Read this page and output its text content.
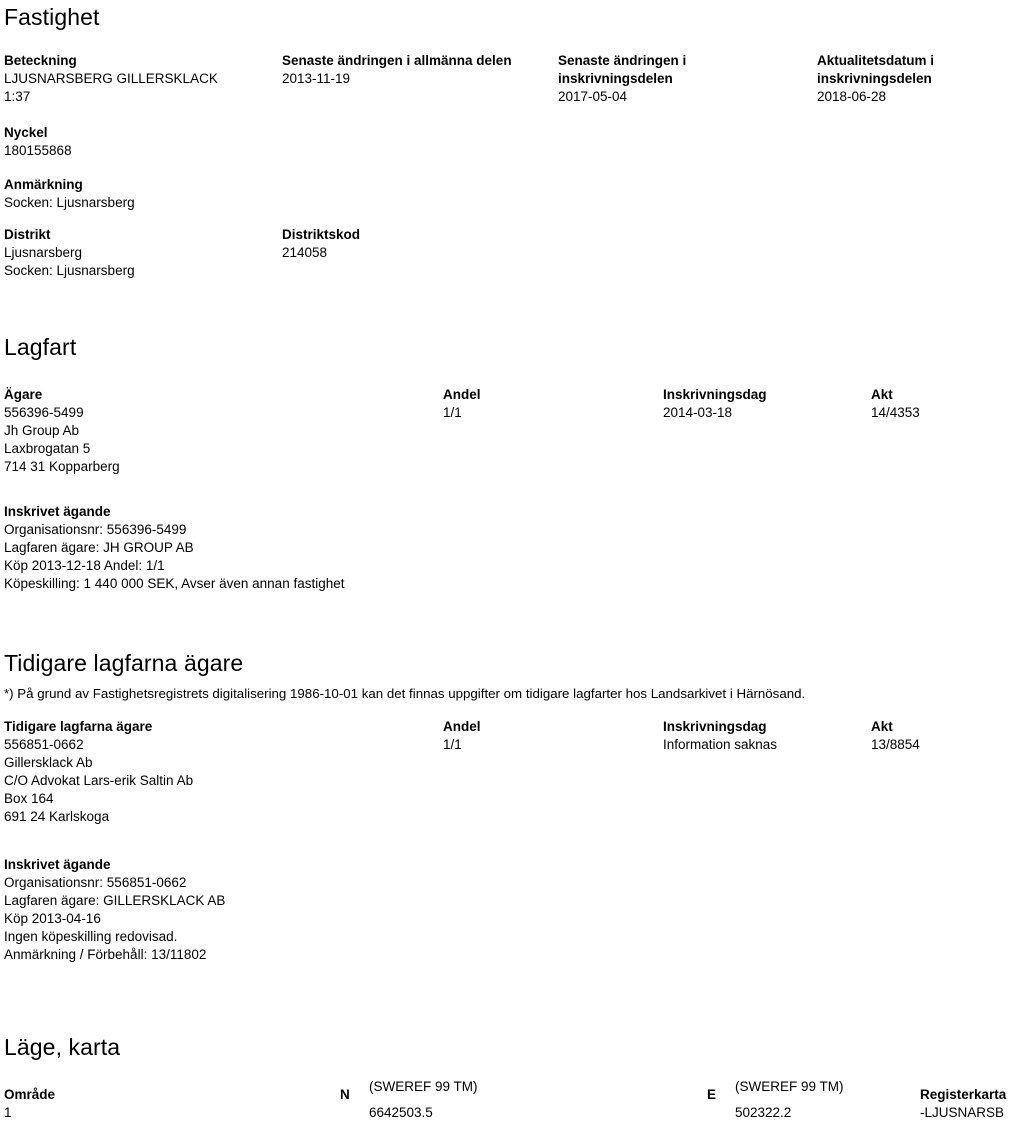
Fastighet
Beteckning
LJUSNARSBERG GILLERSKLACK
1:37
Senaste ändringen i allmänna delen
2013-11-19
Senaste ändringen i
inskrivningsdelen
2017-05-04
Aktualitetsdatum i
inskrivningsdelen
2018-06-28
Nyckel
180155868
Anmärkning
Socken: Ljusnarsberg
Distrikt
Ljusnarsberg
Socken: Ljusnarsberg
Distriktskod
214058
Lagfart
Ägare
556396-5499
Jh Group Ab
Laxbrogatan 5
714 31 Kopparberg
Andel
1/1
Inskrivningsdag
2014-03-18
Akt
14/4353
Inskrivet ägande
Organisationsnr: 556396-5499
Lagfaren ägare: JH GROUP AB
Köp 2013-12-18 Andel: 1/1
Köpeskilling: 1 440 000 SEK, Avser även annan fastighet
Tidigare lagfarna ägare
*) På grund av Fastighetsregistrets digitalisering 1986-10-01 kan det finnas uppgifter om tidigare lagfarter hos Landsarkivet i Härnösand.
Tidigare lagfarna ägare
556851-0662
Gillersklack Ab
C/O Advokat Lars-erik Saltin Ab
Box 164
691 24 Karlskoga
Andel
1/1
Inskrivningsdag
Information saknas
Akt
13/8854
Inskrivet ägande
Organisationsnr: 556851-0662
Lagfaren ägare: GILLERSKLACK AB
Köp 2013-04-16
Ingen köpeskilling redovisad.
Anmärkning / Förbehåll: 13/11802
Läge, karta
Område
1
N
(SWEREF 99 TM)
6642503.5
E
(SWEREF 99 TM)
502322.2
Registerkarta
-LJUSNARSB
